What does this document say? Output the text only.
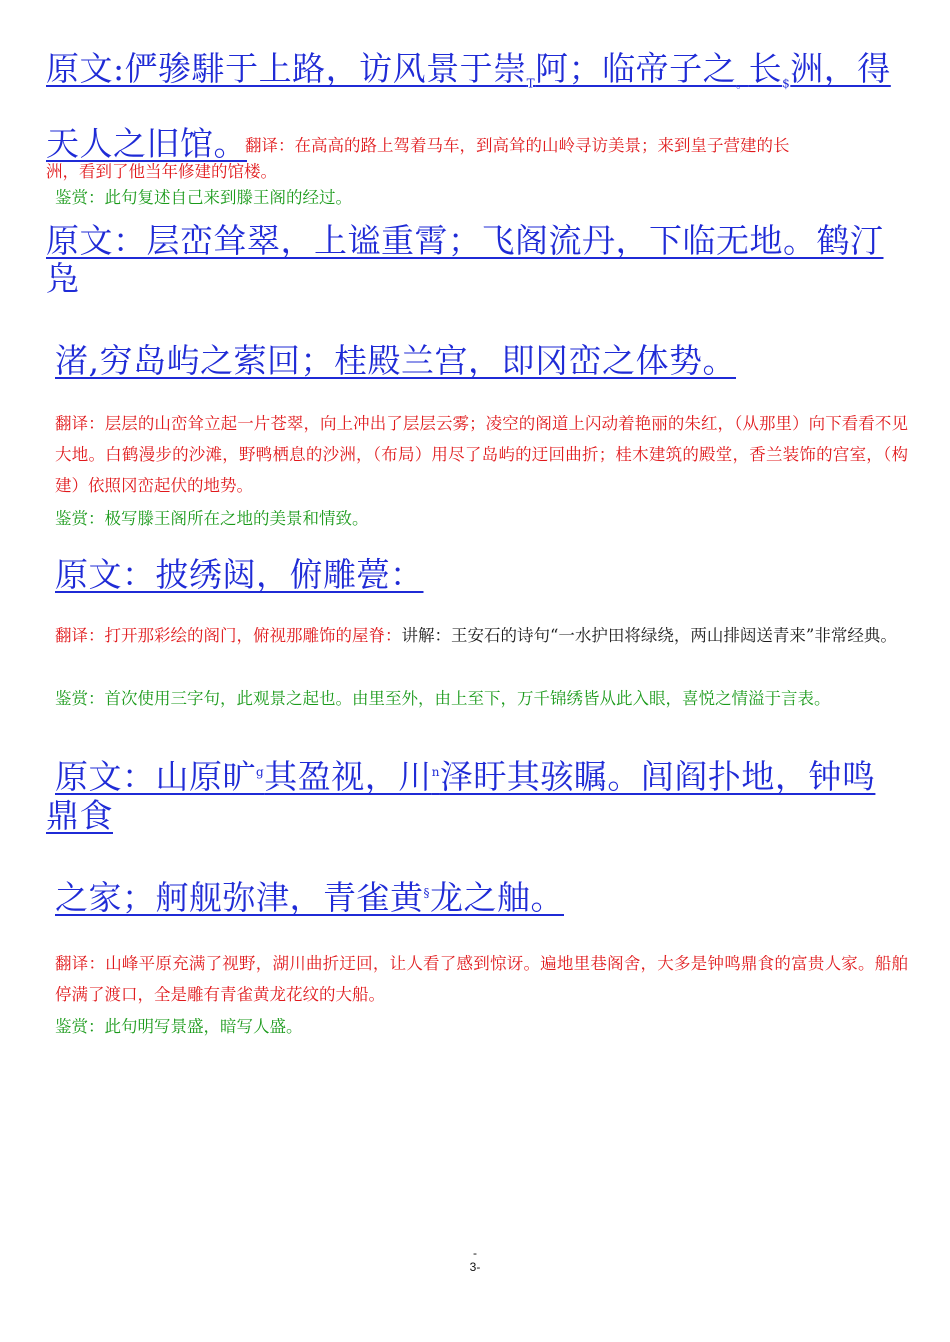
原文:俨骖騑于上路，访风景于崇$_T$阿；临帝子之$_。$长$_{\$}$洲，得
天人之旧馆。
翻译：在高高的路上驾着马车，到高耸的山岭寻访美景；来到皇子营建的长
洲，看到了他当年修建的馆楼。
鉴赏：此句复述自己来到滕王阁的经过。
原文：层峦耸翠，上谧重霄；飞阁流丹，下临无地。鹤汀
凫
渚,穷岛屿之萦回；桂殿兰宫，即冈峦之体势。
翻译：层层的山峦耸立起一片苍翠，向上冲出了层层云雾；凌空的阁道上闪动着艳丽的朱红，（从那里）向下看看不见大地。白鹤漫步的沙滩，野鸭栖息的沙洲，（布局）用尽了岛屿的迂回曲折；桂木建筑的殿堂，香兰装饰的宫室，（构建）依照冈峦起伏的地势。
鉴赏：极写滕王阁所在之地的美景和情致。
原文：披绣闼，俯雕甍：
翻译：打开那彩绘的阁门，俯视那雕饰的屋脊：讲解：王安石的诗句“一水护田将绿绕，两山排闼送青来”非常经典。
鉴赏：首次使用三字句，此观景之起也。由里至外，由上至下，万千锦绣皆从此入眼，喜悦之情溢于言表。
原文：山原旷$^g$其盈视，川$^n$泽盱其骇瞩。闾阎扑地，钟鸣
鼎食
之家；舸舰弥津，青雀黄§龙之舳。
翻译：山峰平原充满了视野，湖川曲折迂回，让人看了感到惊讶。遍地里巷阁舍，大多是钟鸣鼎食的富贵人家。船舶停满了渡口，全是雕有青雀黄龙花纹的大船。
鉴赏：此句明写景盛，暗写人盛。
-
3-
